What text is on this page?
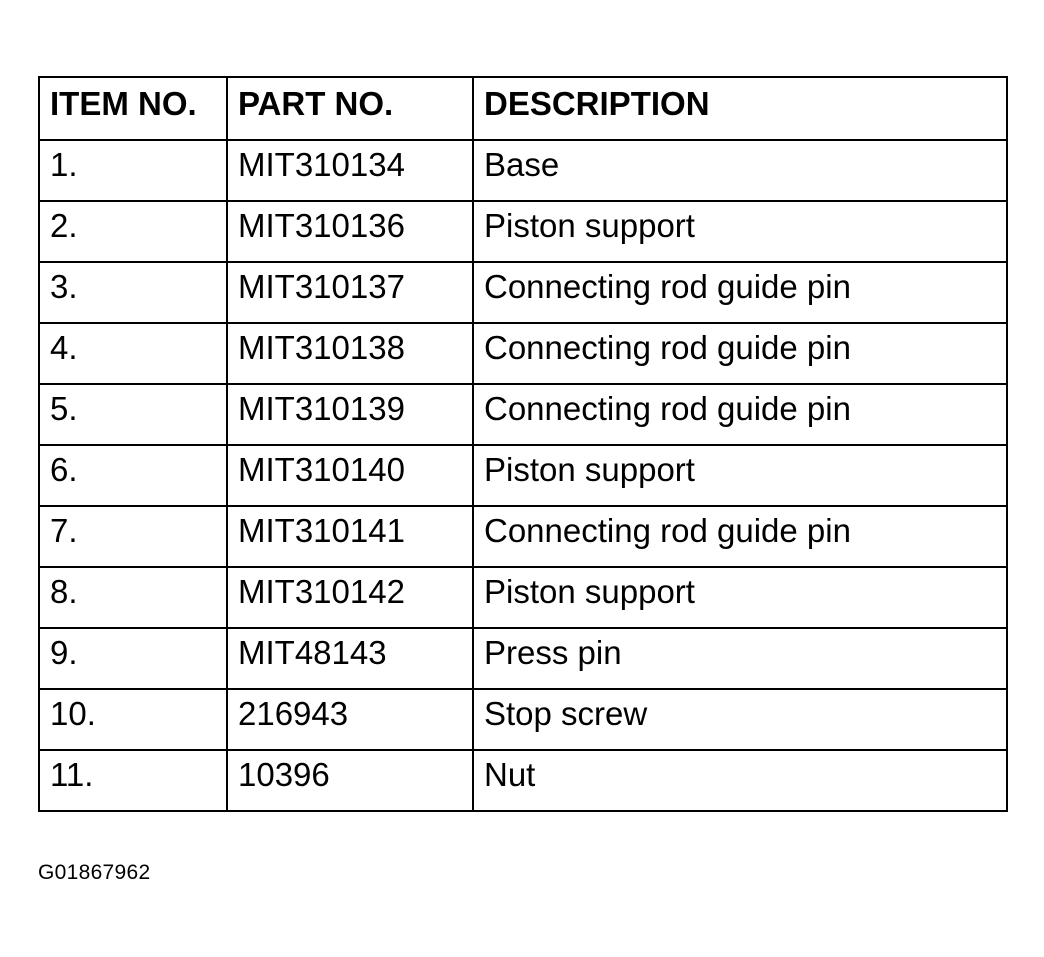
ITEM NO.	PART NO.	DESCRIPTION
1.	MIT310134	Base
2.	MIT310136	Piston support
3.	MIT310137	Connecting rod guide pin
4.	MIT310138	Connecting rod guide pin
5.	MIT310139	Connecting rod guide pin
6.	MIT310140	Piston support
7.	MIT310141	Connecting rod guide pin
8.	MIT310142	Piston support
9.	MIT48143	Press pin
10.	216943	Stop screw
11.	10396	Nut
G01867962
